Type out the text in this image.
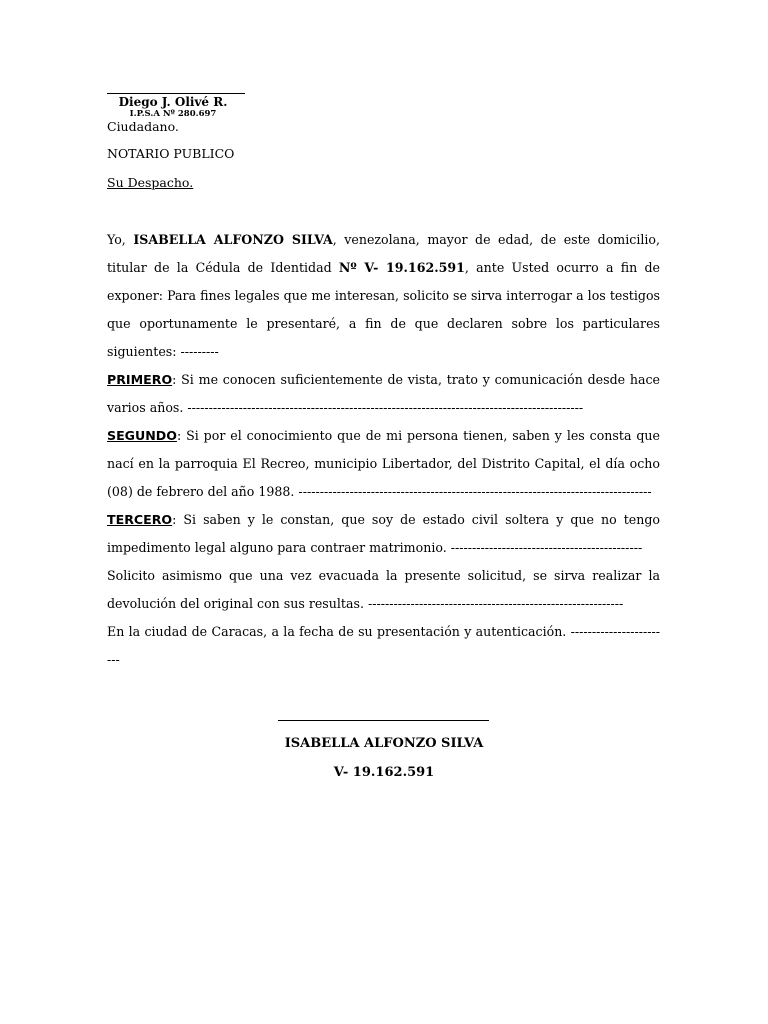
Diego J. Olivé R.
I.P.S.A Nº 280.697
Ciudadano.
NOTARIO PUBLICO
Su Despacho.

Yo, ISABELLA ALFONZO SILVA, venezolana, mayor de edad, de este domicilio, titular de la Cédula de Identidad Nº V- 19.162.591, ante Usted ocurro a fin de exponer: Para fines legales que me interesan, solicito se sirva interrogar a los testigos que oportunamente le presentaré, a fin de que declaren sobre los particulares siguientes: ---------

PRIMERO: Si me conocen suficientemente de vista, trato y comunicación desde hace varios años. ---------------------------------------------------------------------------------------------

SEGUNDO: Si por el conocimiento que de mi persona tienen, saben y les consta que nací en la parroquia El Recreo, municipio Libertador, del Distrito Capital, el día ocho (08) de febrero del año 1988. -----------------------------------------------------------------------------------

TERCERO: Si saben y le constan, que soy de estado civil soltera y que no tengo impedimento legal alguno para contraer matrimonio. ---------------------------------------------

Solicito asimismo que una vez evacuada la presente solicitud, se sirva realizar la devolución del original con sus resultas. ------------------------------------------------------------

En la ciudad de Caracas, a la fecha de su presentación y autenticación. ------------------------

ISABELLA ALFONZO SILVA
V- 19.162.591
